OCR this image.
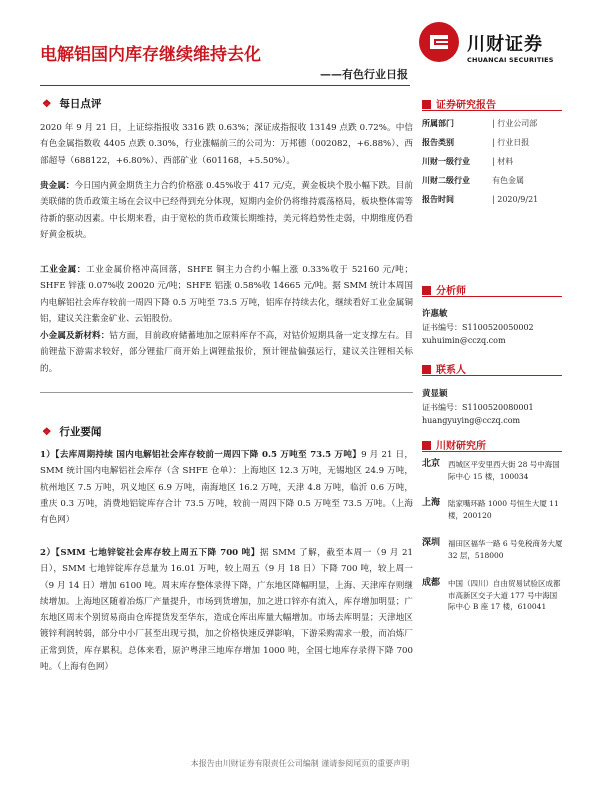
电解铝国内库存继续维持去化
——有色行业日报
川财证券
CHUANCAI SECURITIES
❖ 每日点评
2020 年 9 月 21 日，上证综指报收 3316 跌 0.63%；深证成指报收 13149 点跌 0.72%。中信有色金属指数收 4405 点跌 0.30%，行业涨幅前三的公司为：万邦德（002082，+6.88%）、西部超导（688122，+6.80%）、西部矿业（601168，+5.50%）。
贵金属：今日国内黄金期货主力合约价格涨 0.45%收于 417 元/克，黄金板块个股小幅下跌。目前美联储的货币政策主场在会议中已经得到充分体现，短期内金价仍将维持震荡格局，板块整体需等待新的驱动因素。中长期来看，由于宽松的货币政策长期维持，美元将趋势性走弱，中期维度仍看好黄金板块。
工业金属：工业金属价格冲高回落，SHFE 铜主力合约小幅上涨 0.33%收于 52160 元/吨；SHFE 锌涨 0.07%收 20020 元/吨；SHFE 铝涨 0.58%收 14665 元/吨。据 SMM 统计本周国内电解铝社会库存较前一周四下降 0.5 万吨至 73.5 万吨，铝库存持续去化，继续看好工业金属铜铝，建议关注紫金矿业、云铝股份。
小金属及新材料：钴方面，目前政府储蓄地加之原料库存不高，对钴价短期具备一定支撑左右。目前锂盐下游需求较好，部分锂盐厂商开始上调锂盐报价，预计锂盐偏强运行，建议关注锂相关标的。
❖ 行业要闻
1）【去库周期持续 国内电解铝社会库存较前一周四下降 0.5 万吨至 73.5 万吨】9 月 21 日，SMM 统计国内电解铝社会库存（含 SHFE 仓单）：上海地区 12.3 万吨，无锡地区 24.9 万吨，杭州地区 7.5 万吨，巩义地区 6.9 万吨，南海地区 16.2 万吨，天津 4.8 万吨，临沂 0.6 万吨，重庆 0.3 万吨，消费地铝锭库存合计 73.5 万吨，较前一周四下降 0.5 万吨至 73.5 万吨。（上海有色网）
2）【SMM 七地锌锭社会库存较上周五下降 700 吨】据 SMM 了解，截至本周一（9 月 21 日），SMM 七地锌锭库存总量为 16.01 万吨，较上周五（9 月 18 日）下降 700 吨，较上周一（9 月 14 日）增加 6100 吨。周末库存整体录得下降，广东地区降幅明显，上海、天津库存则继续增加。上海地区随着冶炼厂产量提升，市场到货增加，加之进口锌亦有流入，库存增加明显；广东地区周末个别贸易商由仓库提货发至华东，造成仓库出库量大幅增加。市场去库明显；天津地区镀锌利润转弱，部分中小厂甚至出现亏损，加之价格快速反弹影响，下游采购需求一般，而冶炼厂正常到货，库存累积。总体来看，原沪粤津三地库存增加 1000 吨，全国七地库存录得下降 700 吨。（上海有色网）
证券研究报告
所属部门	| 行业公司部
报告类别	| 行业日报
川财一级行业	| 材料
川财二级行业	有色金属
报告时间	| 2020/9/21
分析师
许惠敏
证书编号：S1100520050002
xuhuimin@cczq.com
联系人
黄显颖
证书编号：S1100520080001
huangyuying@cczq.com
川财研究所
北京 西城区平安里西大街 28 号中海国际中心 15 楼，100034
上海 陆家嘴环路 1000 号恒生大厦 11 楼，200120
深圳 福田区福华一路 6 号免税商务大厦 32 层，518000
成都 中国（四川）自由贸易试验区成都市高新区交子大道 177 号中海国际中心 B 座 17 楼，610041
本报告由川财证券有限责任公司编制 谨请参阅尾页的重要声明
